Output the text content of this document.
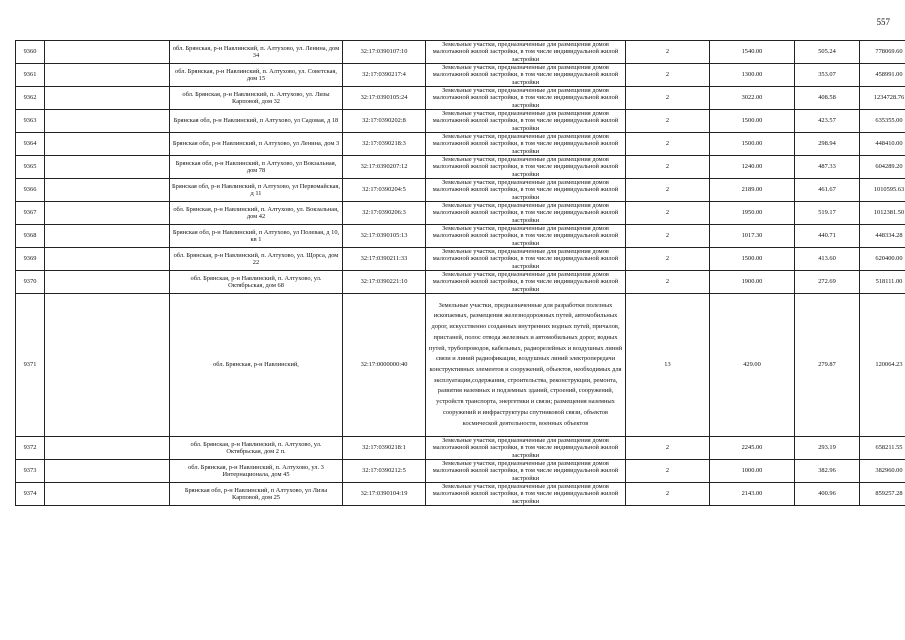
557
9360		обл. Брянская, р-н Навлинский, п. Алтухово, ул. Ленина, дом 34	32:17:0390107:10	Земельные участки, предназначенные для размещения домов малоэтажной жилой застройки, в том числе индивидуальной жилой застройки	2	1540.00	505.24	778069.60
9361		обл. Брянская, р-н Навлинский, п. Алтухово, ул. Советская, дом 15	32:17:0390217:4	Земельные участки, предназначенные для размещения домов малоэтажной жилой застройки, в том числе индивидуальной жилой застройки	2	1300.00	353.07	458991.00
9362		обл. Брянская, р-н Навлинский, п. Алтухово, ул. Лизы Карповой, дом 32	32:17:0390105:24	Земельные участки, предназначенные для размещения домов малоэтажной жилой застройки, в том числе индивидуальной жилой застройки	2	3022.00	408.58	1234728.76
9363		Брянская обл, р-н Навлинский, п Алтухово, ул Садовая, д 18	32:17:0390202:8	Земельные участки, предназначенные для размещения домов малоэтажной жилой застройки, в том числе индивидуальной жилой застройки	2	1500.00	423.57	635355.00
9364		Брянская обл, р-н Навлинский, п Алтухово, ул Ленина, дом 3	32:17:0390218:3	Земельные участки, предназначенные для размещения домов малоэтажной жилой застройки, в том числе индивидуальной жилой застройки	2	1500.00	298.94	448410.00
9365		Брянская обл, р-н Навлинский, п Алтухово, ул Вокзальная, дом 78	32:17:0390207:12	Земельные участки, предназначенные для размещения домов малоэтажной жилой застройки, в том числе индивидуальной жилой застройки	2	1240.00	487.33	604289.20
9366		Брянская обл, р-н Навлинский, п Алтухово, ул Первомайская, д 11	32:17:0390204:5	Земельные участки, предназначенные для размещения домов малоэтажной жилой застройки, в том числе индивидуальной жилой застройки	2	2189.00	461.67	1010595.63
9367		обл. Брянская, р-н Навлинский, п. Алтухово, ул. Вокзальная, дом 42	32:17:0390206:3	Земельные участки, предназначенные для размещения домов малоэтажной жилой застройки, в том числе индивидуальной жилой застройки	2	1950.00	519.17	1012381.50
9368		Брянская обл, р-н Навлинский, п Алтухово, ул Полевая, д 10, кв 1	32:17:0390105:13	Земельные участки, предназначенные для размещения домов малоэтажной жилой застройки, в том числе индивидуальной жилой застройки	2	1017.30	440.71	448334.28
9369		обл. Брянская, р-н Навлинский, п. Алтухово, ул. Щорса, дом 22	32:17:0390211:33	Земельные участки, предназначенные для размещения домов малоэтажной жилой застройки, в том числе индивидуальной жилой застройки	2	1500.00	413.60	620400.00
9370		обл. Брянская, р-н Навлинский, п. Алтухово, ул. Октябрьская, дом 68	32:17:0390221:10	Земельные участки, предназначенные для размещения домов малоэтажной жилой застройки, в том числе индивидуальной жилой застройки	2	1900.00	272.69	518111.00
9371		обл. Брянская, р-н Навлинский,	32:17:0000000:40	Земельные участки, предназначенные для разработки полезных ископаемых, размещения железнодорожных путей, автомобильных дорог, искусственно созданных внутренних водных путей, причалов, пристаней, полос отвода железных и автомобильных дорог, водных путей, трубопроводов, кабельных, радиорелейных и воздушных линий связи и линий радиофикации, воздушных линий электропередачи конструктивных элементов и сооружений, объектов, необходимых для эксплуатации,содержания, строительства, реконструкции, ремонта, развития наземных и подземных зданий, строений, сооружений, устройств транспорта, энергетики и связи; размещения наземных сооружений и инфраструктуры спутниковой связи, объектов космической деятельности, военных объектов	13	429.00	279.87	120064.23
9372		обл. Брянская, р-н Навлинский, п. Алтухово, ул. Октябрьская, дом 2 п.	32:17:0390218:1	Земельные участки, предназначенные для размещения домов малоэтажной жилой застройки, в том числе индивидуальной жилой застройки	2	2245.00	293.19	658211.55
9373		обл. Брянская, р-н Навлинский, п. Алтухово, ул. 3 Интернационала, дом 45	32:17:0390212:5	Земельные участки, предназначенные для размещения домов малоэтажной жилой застройки, в том числе индивидуальной жилой застройки	2	1000.00	382.96	382960.00
9374		Брянская обл, р-н Навлинский, п Алтухово, ул Лизы Карповой, дом 25	32:17:0390104:19	Земельные участки, предназначенные для размещения домов малоэтажной жилой застройки, в том числе индивидуальной жилой застройки	2	2143.00	400.96	859257.28
